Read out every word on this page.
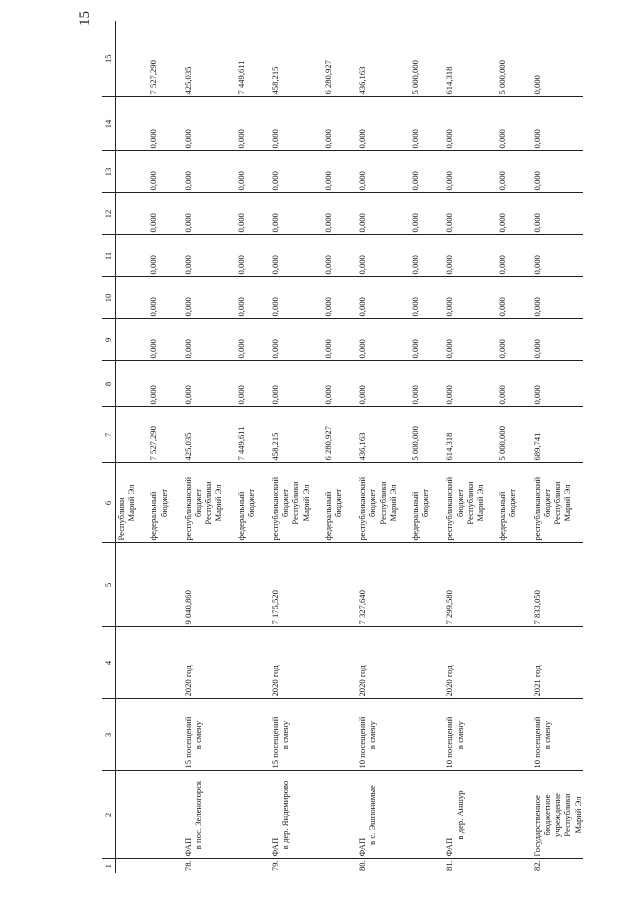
15
1	2	3	4	5	6	7	8	9	10	11	12	13	14	15

					Республики Марий Эл									

					федеральный бюджет	7 527,290	0,000	0,000	0,000	0,000	0,000	0,000	0,000	7 527,290
78.	ФАП в пос. Зеленогорск	15 посещений в смену	2020 год	9 040,860	республиканский бюджет Республики Марий Эл	425,035	0,000	0,000	0,000	0,000	0,000	0,000	0,000	425,035

					федеральный бюджет	7 449,611	0,000	0,000	0,000	0,000	0,000	0,000	0,000	7 449,611
79.	ФАП в дер. Яндемирово	15 посещений в смену	2020 год	7 175,520	республиканский бюджет Республики Марий Эл	458,215	0,000	0,000	0,000	0,000	0,000	0,000	0,000	458,215

					федеральный бюджет	6 280,927	0,000	0,000	0,000	0,000	0,000	0,000	0,000	6 280,927
80.	ФАП
в с. Эшпонимые	10 посещений в смену	2020 год	7 327,640	республиканский бюджет Республики Марий Эл	436,163	0,000	0,000	0,000	0,000	0,000	0,000	0,000	436,163

					федеральный бюджет	5 000,000	0,000	0,000	0,000	0,000	0,000	0,000	0,000	5 000,000
81.	ФАП
в дер. Аншур	10 посещений в смену	2020 год	7 299,580	республиканский бюджет Республики Марий Эл	614,318	0,000	0,000	0,000	0,000	0,000	0,000	0,000	614,318

					федеральный бюджет	5 000,000	0,000	0,000	0,000	0,000	0,000	0,000	0,000	5 000,000
82.	Государственное бюджетное учреждение Республики Марий Эл	10 посещений в смену	2021 год	7 833,050	республиканский бюджет Республики Марий Эл	689,741	0,000	0,000	0,000	0,000	0,000	0,000	0,000	0,000
